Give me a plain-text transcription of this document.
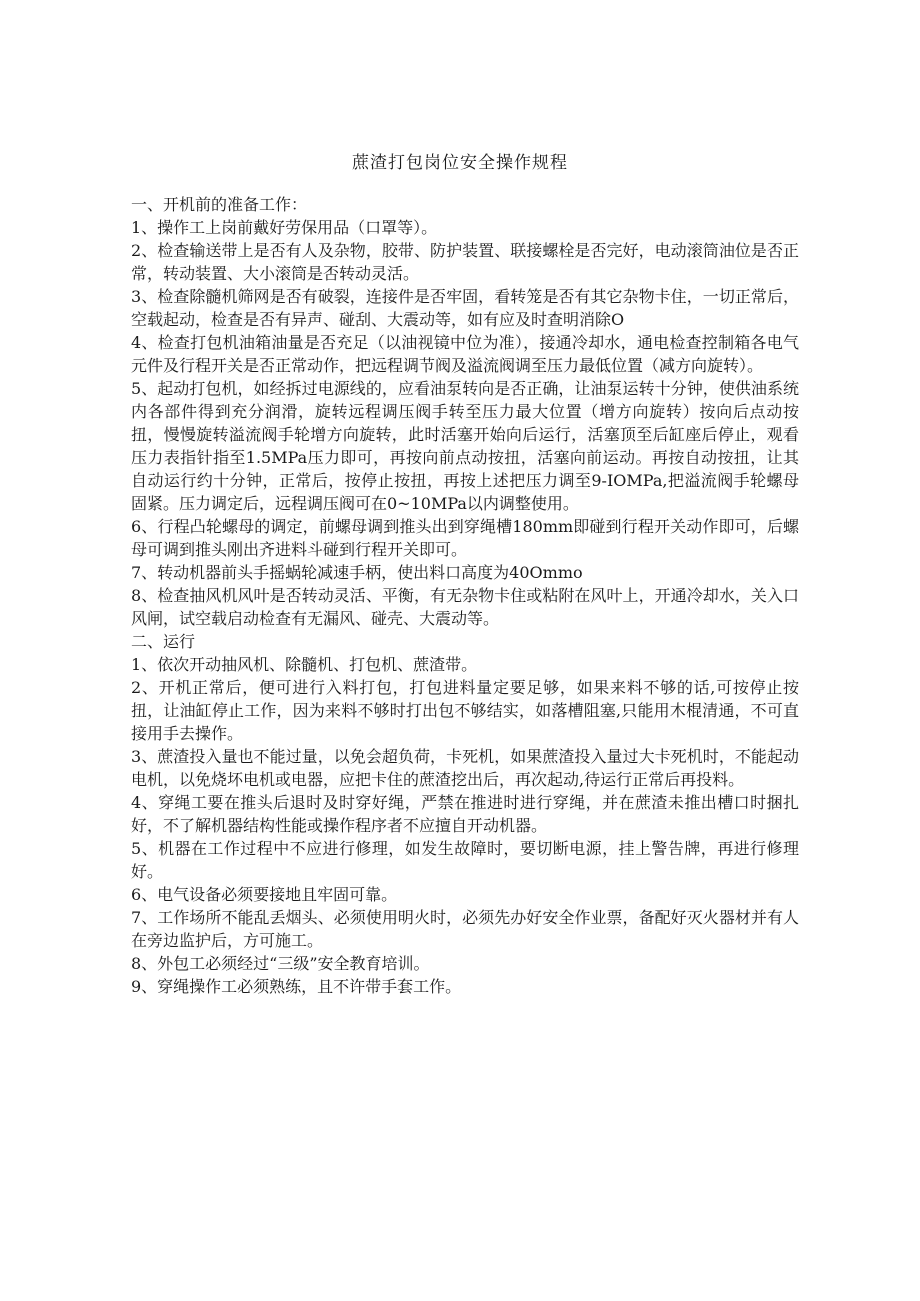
蔗渣打包岗位安全操作规程
一、开机前的准备工作：

1、操作工上岗前戴好劳保用品（口罩等）。

2、检查输送带上是否有人及杂物，胶带、防护装置、联接螺栓是否完好，电动滚筒油位是否正常，转动装置、大小滚筒是否转动灵活。

3、检查除髓机筛网是否有破裂，连接件是否牢固，看转笼是否有其它杂物卡住，一切正常后，空载起动，检查是否有异声、碰刮、大震动等，如有应及时查明消除O

4、检查打包机油箱油量是否充足（以油视镜中位为准），接通冷却水，通电检查控制箱各电气元件及行程开关是否正常动作，把远程调节阀及溢流阀调至压力最低位置（减方向旋转）。

5、起动打包机，如经拆过电源线的，应看油泵转向是否正确，让油泵运转十分钟，使供油系统内各部件得到充分润滑，旋转远程调压阀手转至压力最大位置（增方向旋转）按向后点动按扭，慢慢旋转溢流阀手轮增方向旋转，此时活塞开始向后运行，活塞顶至后缸座后停止，观看压力表指针指至1.5MPa压力即可，再按向前点动按扭，活塞向前运动。再按自动按扭，让其自动运行约十分钟，正常后，按停止按扭，再按上述把压力调至9-IOMPa,把溢流阀手轮螺母固紧。压力调定后，远程调压阀可在0~10MPa以内调整使用。

6、行程凸轮螺母的调定，前螺母调到推头出到穿绳槽180mm即碰到行程开关动作即可，后螺母可调到推头刚出齐进料斗碰到行程开关即可。

7、转动机器前头手摇蜗轮减速手柄，使出料口高度为40Ommo

8、检查抽风机风叶是否转动灵活、平衡，有无杂物卡住或粘附在风叶上，开通冷却水，关入口风闸，试空载启动检查有无漏风、碰壳、大震动等。

二、运行

1、依次开动抽风机、除髓机、打包机、蔗渣带。

2、开机正常后，便可进行入料打包，打包进料量定要足够，如果来料不够的话,可按停止按扭，让油缸停止工作，因为来料不够时打出包不够结实，如落槽阻塞,只能用木棍清通，不可直接用手去操作。

3、蔗渣投入量也不能过量，以免会超负荷，卡死机，如果蔗渣投入量过大卡死机时，不能起动电机，以免烧坏电机或电器，应把卡住的蔗渣挖出后，再次起动,待运行正常后再投料。

4、穿绳工要在推头后退时及时穿好绳，严禁在推进时进行穿绳，并在蔗渣未推出槽口时捆扎好，不了解机器结构性能或操作程序者不应擅自开动机器。

5、机器在工作过程中不应进行修理，如发生故障时，要切断电源，挂上警告牌，再进行修理好。

6、电气设备必须要接地且牢固可靠。

7、工作场所不能乱丢烟头、必须使用明火时，必须先办好安全作业票，备配好灭火器材并有人在旁边监护后，方可施工。

8、外包工必须经过“三级”安全教育培训。

9、穿绳操作工必须熟练，且不许带手套工作。
